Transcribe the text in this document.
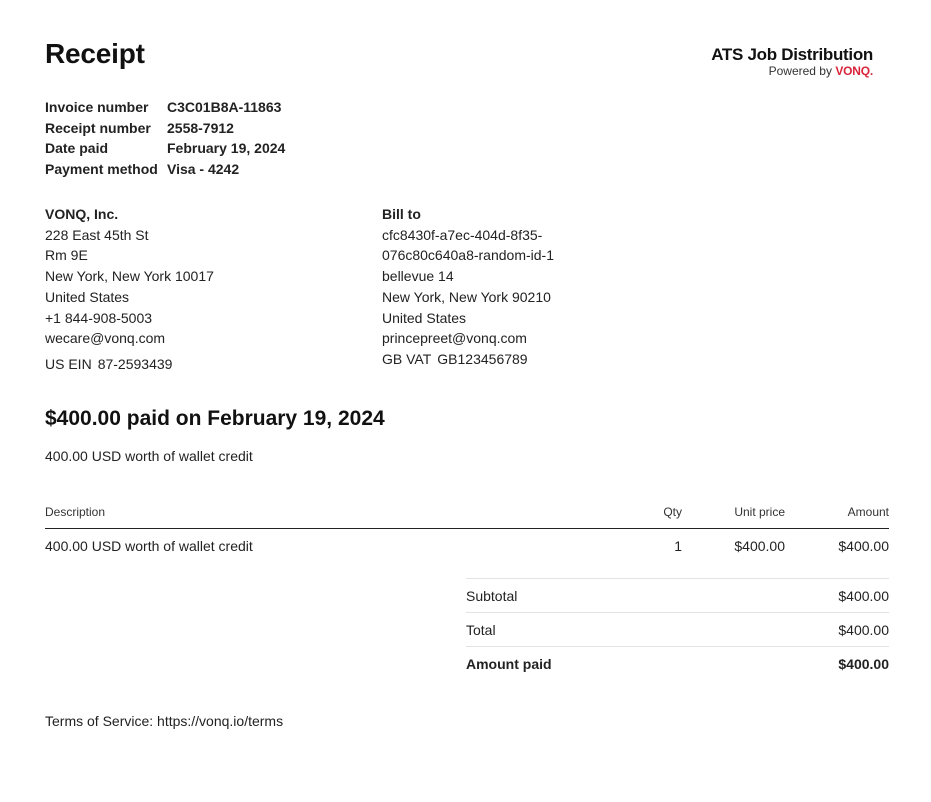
Receipt	ATS Job Distribution
Powered by VONQ.
Invoice number	C3C01B8A-11863
Receipt number	2558-7912
Date paid	February 19, 2024
Payment method Visa - 4242
VONQ, Inc.
228 East 45th St
Rm 9E
New York, New York 10017
United States
+1 844-908-5003
wecare@vonq.com
US EIN 87-2593439
Bill to
cfc8430f-a7ec-404d-8f35-
076c80c640a8-random-id-1
bellevue 14
New York, New York 90210
United States
princepreet@vonq.com
GB VAT GB123456789
$400.00 paid on February 19, 2024
400.00 USD worth of wallet credit
Description	Qty	Unit price	Amount
400.00 USD worth of wallet credit	1	$400.00	$400.00
Subtotal	$400.00
Total	$400.00
Amount paid	$400.00
Terms of Service: https://vonq.io/terms
